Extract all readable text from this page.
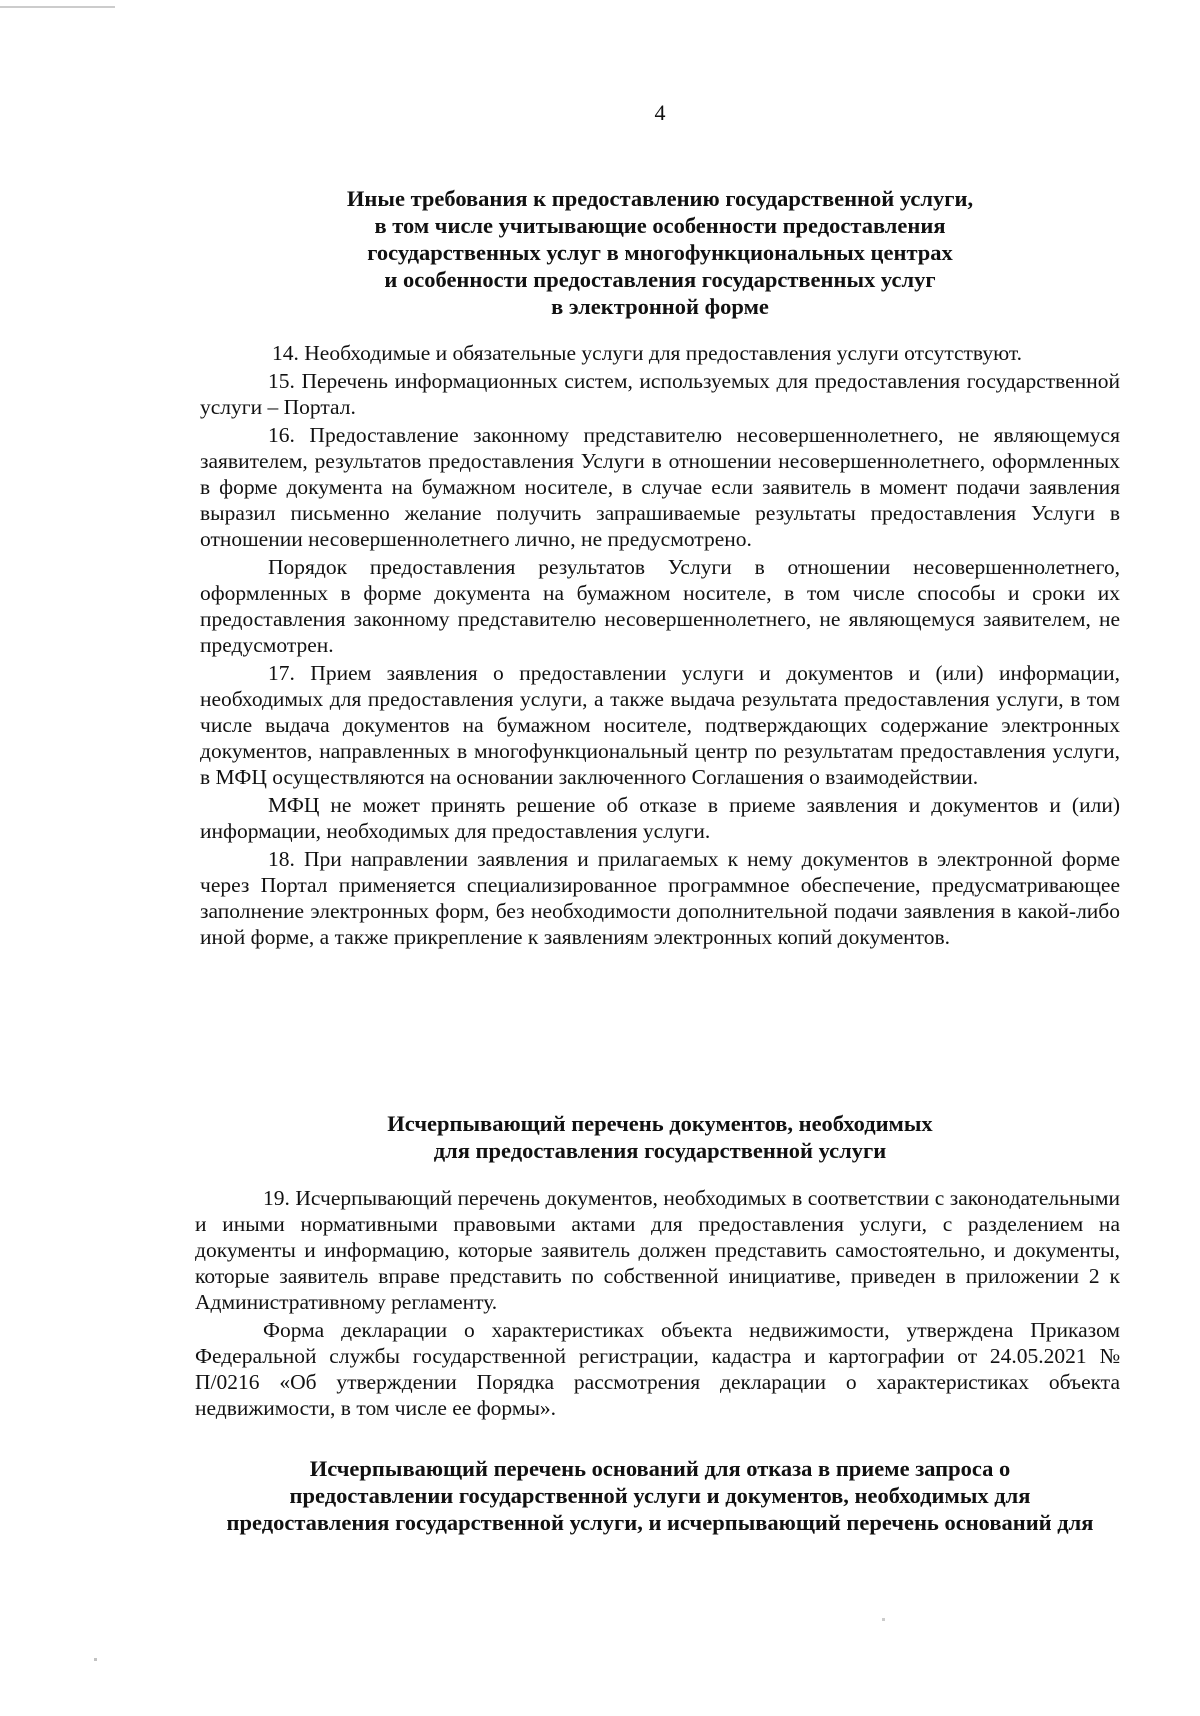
4
Иные требования к предоставлению государственной услуги,
в том числе учитывающие особенности предоставления
государственных услуг в многофункциональных центрах
и особенности предоставления государственных услуг
в электронной форме

14. Необходимые и обязательные услуги для предоставления услуги отсутствуют.

15. Перечень информационных систем, используемых для предоставления государственной услуги – Портал.

16. Предоставление законному представителю несовершеннолетнего, не являющемуся заявителем, результатов предоставления Услуги в отношении несовершеннолетнего, оформленных в форме документа на бумажном носителе, в случае если заявитель в момент подачи заявления выразил письменно желание получить запрашиваемые результаты предоставления Услуги в отношении несовершеннолетнего лично, не предусмотрено.

Порядок предоставления результатов Услуги в отношении несовершеннолетнего, оформленных в форме документа на бумажном носителе, в том числе способы и сроки их предоставления законному представителю несовершеннолетнего, не являющемуся заявителем, не предусмотрен.

17. Прием заявления о предоставлении услуги и документов и (или) информации, необходимых для предоставления услуги, а также выдача результата предоставления услуги, в том числе выдача документов на бумажном носителе, подтверждающих содержание электронных документов, направленных в многофункциональный центр по результатам предоставления услуги, в МФЦ осуществляются на основании заключенного Соглашения о взаимодействии.

МФЦ не может принять решение об отказе в приеме заявления и документов и (или) информации, необходимых для предоставления услуги.

18. При направлении заявления и прилагаемых к нему документов в электронной форме через Портал применяется специализированное программное обеспечение, предусматривающее заполнение электронных форм, без необходимости дополнительной подачи заявления в какой-либо иной форме, а также прикрепление к заявлениям электронных копий документов.

Исчерпывающий перечень документов, необходимых
для предоставления государственной услуги

19. Исчерпывающий перечень документов, необходимых в соответствии с законодательными и иными нормативными правовыми актами для предоставления услуги, с разделением на документы и информацию, которые заявитель должен представить самостоятельно, и документы, которые заявитель вправе представить по собственной инициативе, приведен в приложении 2 к Административному регламенту.

Форма декларации о характеристиках объекта недвижимости, утверждена Приказом Федеральной службы государственной регистрации, кадастра и картографии от 24.05.2021 № П/0216 «Об утверждении Порядка рассмотрения декларации о характеристиках объекта недвижимости, в том числе ее формы».

Исчерпывающий перечень оснований для отказа в приеме запроса о
предоставлении государственной услуги и документов, необходимых для
предоставления государственной услуги, и исчерпывающий перечень оснований для
